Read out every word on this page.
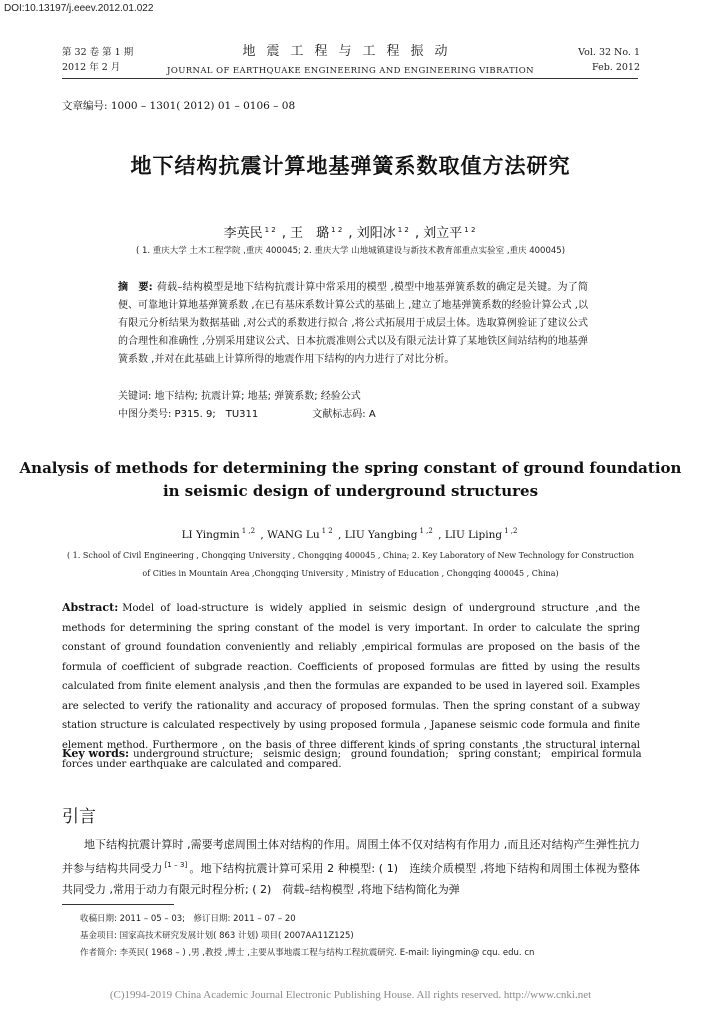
DOI:10.13197/j.eeev.2012.01.022
第 32 卷 第 1 期
2012 年 2 月
地震工程与工程振动
JOURNAL OF EARTHQUAKE ENGINEERING AND ENGINEERING VIBRATION
Vol. 32 No. 1
Feb. 2012
文章编号: 1000 – 1301( 2012) 01 – 0106 – 08
地下结构抗震计算地基弹簧系数取值方法研究
李英民 $^{1 2}$ , 王　璐 $^{1 2}$ , 刘阳冰 $^{1 2}$ , 刘立平 $^{1 2}$
( 1. 重庆大学 土木工程学院 ,重庆 400045; 2. 重庆大学 山地城镇建设与新技术教育部重点实验室 ,重庆 400045)
摘　要: 荷载–结构模型是地下结构抗震计算中常采用的模型 ,模型中地基弹簧系数的确定是关键。为了简便、可靠地计算地基弹簧系数 ,在已有基床系数计算公式的基础上 ,建立了地基弹簧系数的经验计算公式 ,以有限元分析结果为数据基础 ,对公式的系数进行拟合 ,将公式拓展用于成层土体。选取算例验证了建议公式的合理性和准确性 ,分别采用建议公式、日本抗震准则公式以及有限元法计算了某地铁区间站结构的地基弹簧系数 ,并对在此基础上计算所得的地震作用下结构的内力进行了对比分析。
关键词: 地下结构; 抗震计算; 地基; 弹簧系数; 经验公式
中图分类号: P315. 9;　TU311	文献标志码: A
Analysis of methods for determining the spring constant of ground foundation
in seismic design of underground structures
LI Yingmin $^{1 ,2}$ , WANG Lu $^{1 2}$ , LIU Yangbing $^{1 ,2}$ , LIU Liping $^{1 ,2}$
( 1. School of Civil Engineering , Chongqing University , Chongqing 400045 , China; 2. Key Laboratory of New Technology for Construction
of Cities in Mountain Area ,Chongqing University , Ministry of Education , Chongqing 400045 , China)
Abstract: Model of load-structure is widely applied in seismic design of underground structure ,and the methods for determining the spring constant of the model is very important. In order to calculate the spring constant of ground foundation conveniently and reliably ,empirical formulas are proposed on the basis of the formula of coefficient of subgrade reaction. Coefficients of proposed formulas are fitted by using the results calculated from finite element analysis ,and then the formulas are expanded to be used in layered soil. Examples are selected to verify the rationality and accuracy of proposed formulas. Then the spring constant of a subway station structure is calculated respectively by using proposed formula , Japanese seismic code formula and finite element method. Furthermore , on the basis of three different kinds of spring constants ,the structural internal forces under earthquake are calculated and compared.
Key words: underground structure;　seismic design;　ground foundation;　spring constant;　empirical formula
引言
地下结构抗震计算时 ,需要考虑周围土体对结构的作用。周围土体不仅对结构有作用力 ,而且还对结构产生弹性抗力并参与结构共同受力 [1 – 3] 。地下结构抗震计算可采用 2 种模型: ( 1)　连续介质模型 ,将地下结构和周围土体视为整体共同受力 ,常用于动力有限元时程分析; ( 2)　荷载–结构模型 ,将地下结构简化为弹
收稿日期: 2011 – 05 – 03;　修订日期: 2011 – 07 – 20
基金项目: 国家高技术研究发展计划( 863 计划) 项目( 2007AA11Z125)
作者简介: 李英民( 1968 – ) ,男 ,教授 ,博士 ,主要从事地震工程与结构工程抗震研究. E-mail: liyingmin@ cqu. edu. cn
(C)1994-2019 China Academic Journal Electronic Publishing House. All rights reserved. http://www.cnki.net
